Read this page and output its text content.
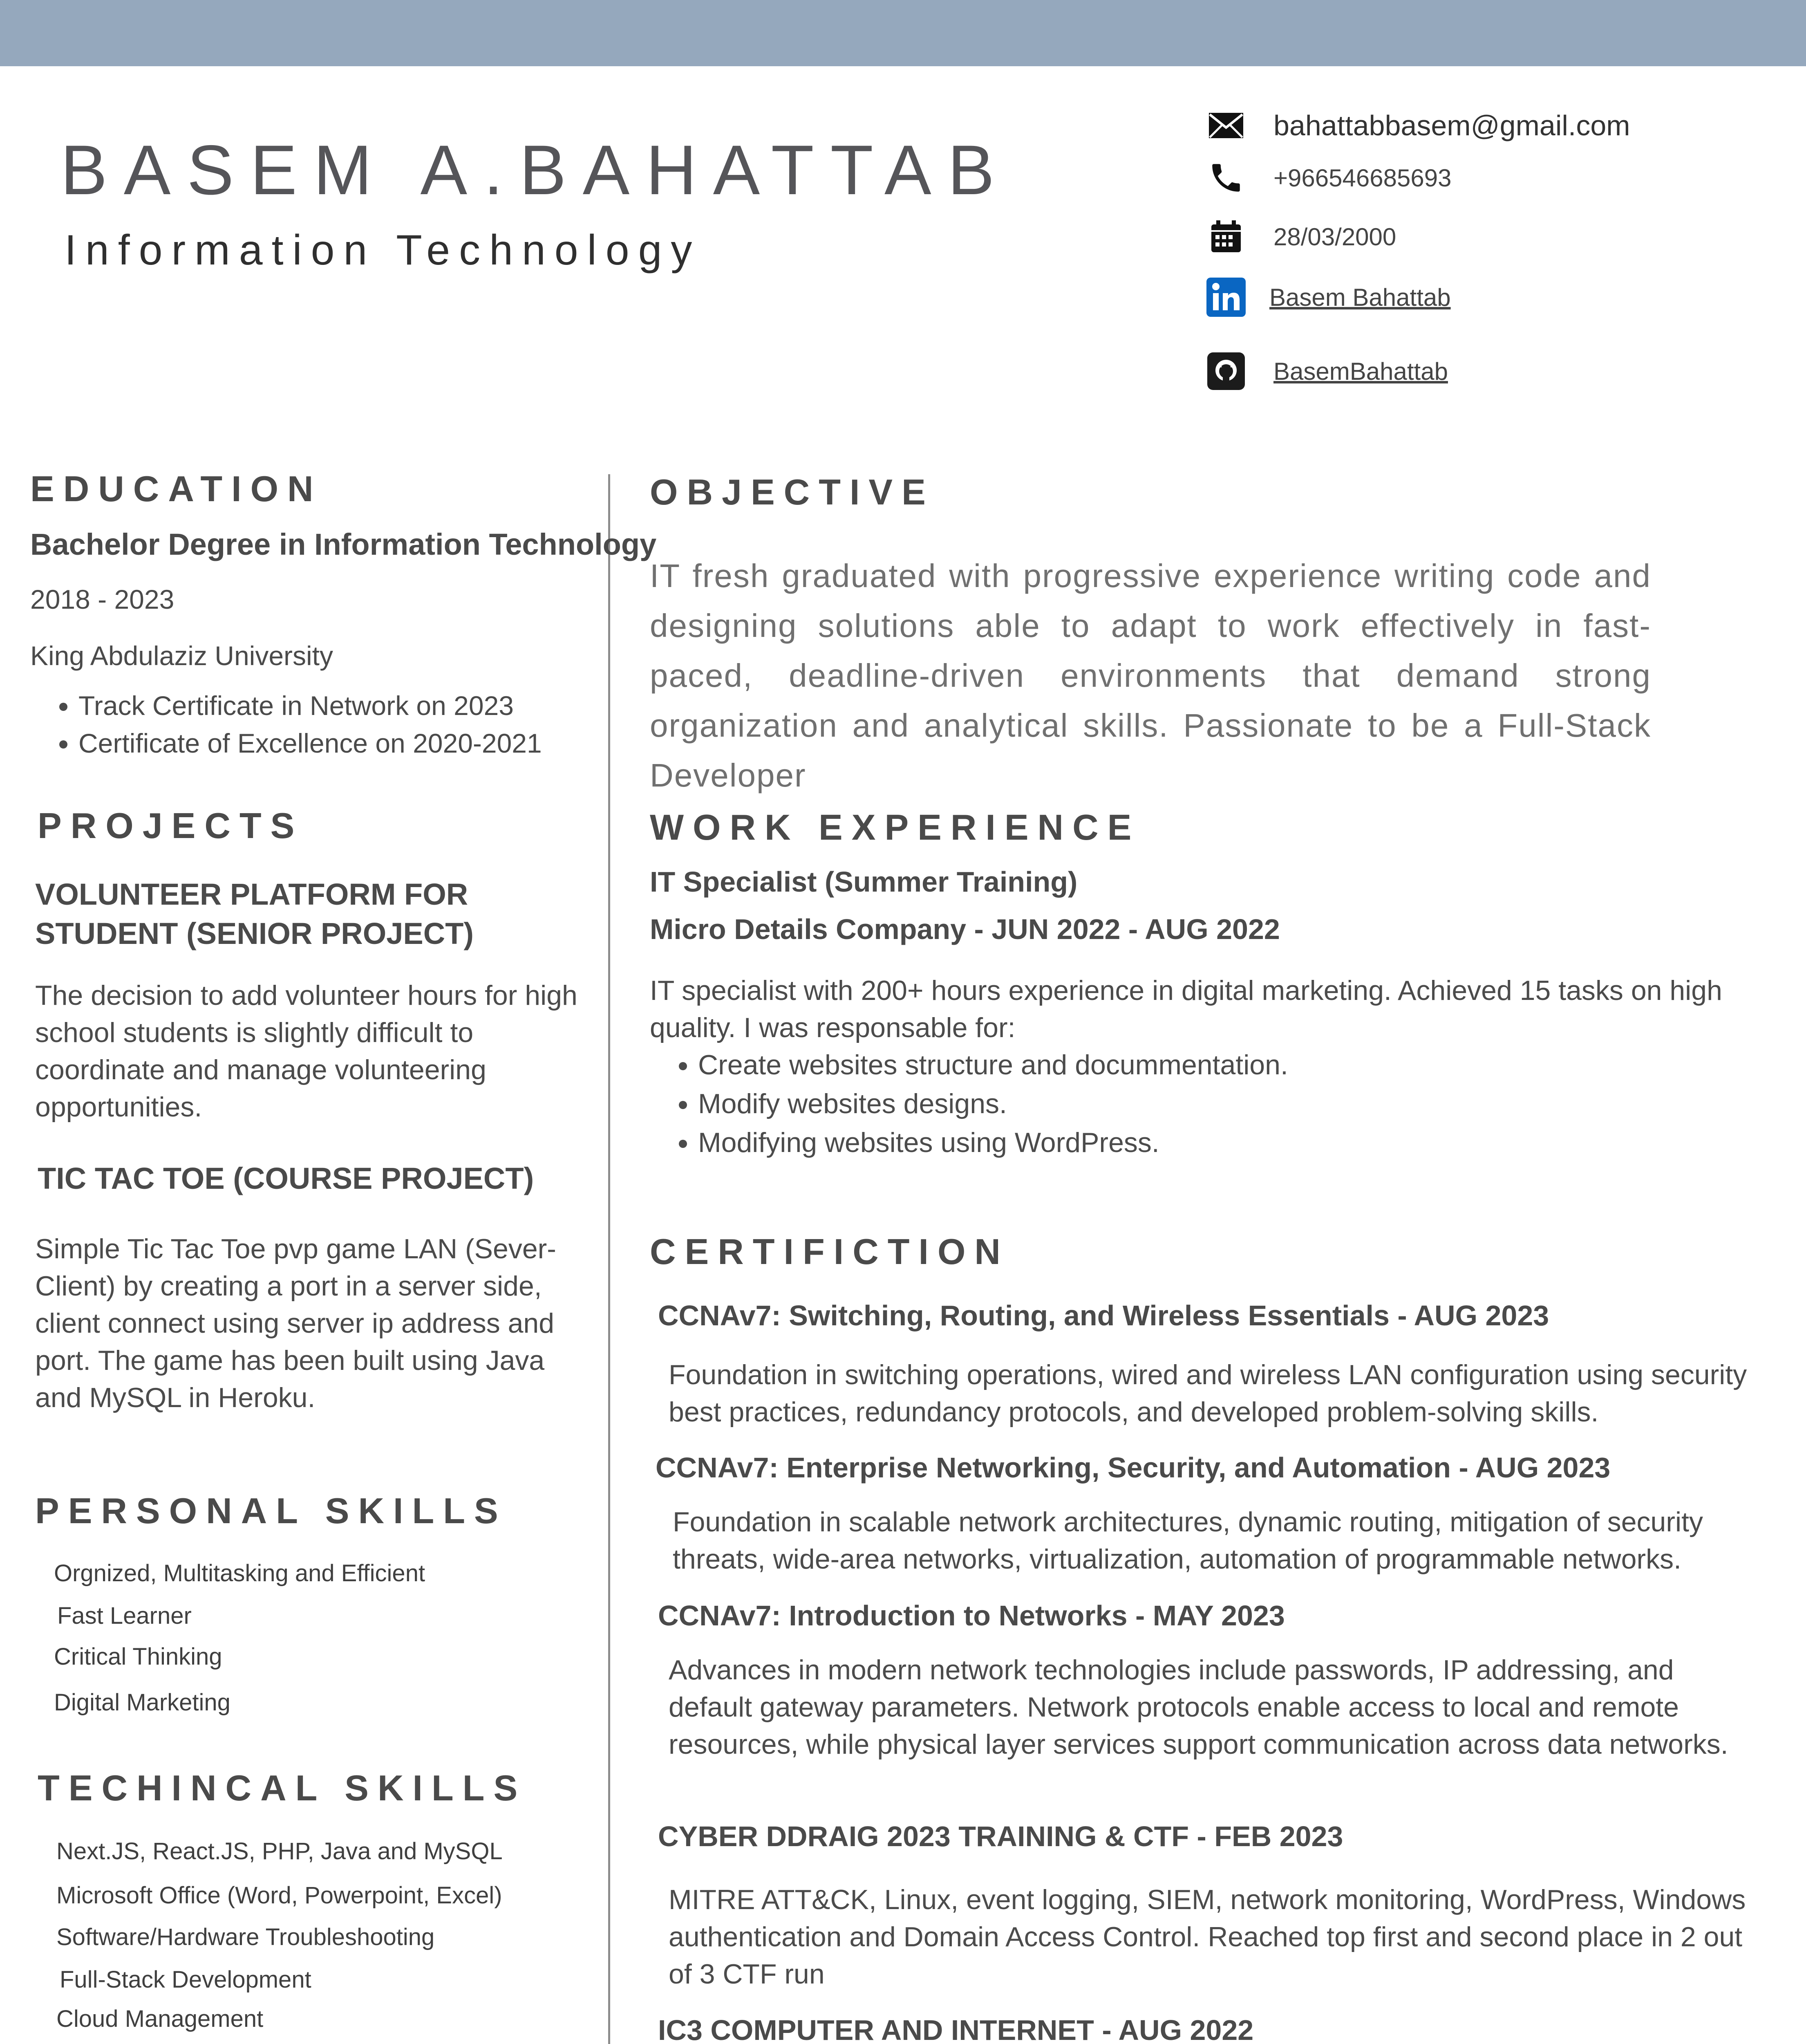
BASEM A.BAHATTAB
Information Technology
bahattabbasem@gmail.com
+966546685693
28/03/2000
Basem Bahattab
BasemBahattab
EDUCATION
Bachelor Degree in Information Technology
2018 - 2023
King Abdulaziz University
• Track Certificate in Network on 2023
• Certificate of Excellence on 2020-2021
PROJECTS
VOLUNTEER PLATFORM FOR STUDENT (SENIOR PROJECT)
The decision to add volunteer hours for high school students is slightly difficult to coordinate and manage volunteering opportunities.
TIC TAC TOE (COURSE PROJECT)
Simple Tic Tac Toe pvp game LAN (Sever-Client) by creating a port in a server side, client connect using server ip address and port. The game has been built using Java and MySQL in Heroku.
PERSONAL SKILLS
Orgnized, Multitasking and Efficient
Fast Learner
Critical Thinking
Digital Marketing
TECHINCAL SKILLS
Next.JS, React.JS, PHP, Java and MySQL
Microsoft Office (Word, Powerpoint, Excel)
Software/Hardware Troubleshooting
Full-Stack Development
Cloud Management
OBJECTIVE
IT fresh graduated with progressive experience writing code and designing solutions able to adapt to work effectively in fast-paced, deadline-driven environments that demand strong organization and analytical skills. Passionate to be a Full-Stack Developer
WORK EXPERIENCE
IT Specialist (Summer Training)
Micro Details Company - JUN 2022 - AUG 2022
IT specialist with 200+ hours experience in digital marketing. Achieved 15 tasks on high quality. I was responsable for:
• Create websites structure and docummentation.
• Modify websites designs.
• Modifying websites using WordPress.
CERTIFICTION
CCNAv7: Switching, Routing, and Wireless Essentials - AUG 2023
Foundation in switching operations, wired and wireless LAN configuration using security best practices, redundancy protocols, and developed problem-solving skills.
CCNAv7: Enterprise Networking, Security, and Automation - AUG 2023
Foundation in scalable network architectures, dynamic routing, mitigation of security threats, wide-area networks, virtualization, automation of programmable networks.
CCNAv7: Introduction to Networks - MAY 2023
Advances in modern network technologies include passwords, IP addressing, and default gateway parameters. Network protocols enable access to local and remote resources, while physical layer services support communication across data networks.
CYBER DDRAIG 2023 TRAINING & CTF - FEB 2023
MITRE ATT&CK, Linux, event logging, SIEM, network monitoring, WordPress, Windows authentication and Domain Access Control. Reached top first and second place in 2 out of 3 CTF run
IC3 COMPUTER AND INTERNET - AUG 2022
